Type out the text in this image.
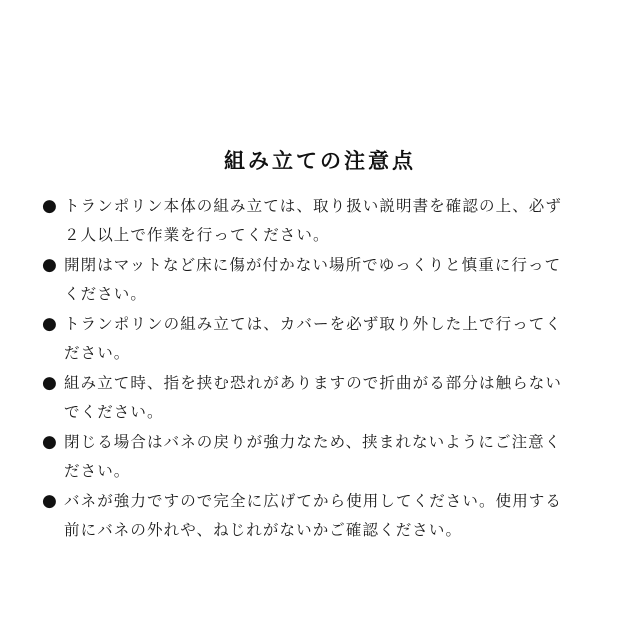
組み立ての注意点
● トランポリン本体の組み立ては、取り扱い説明書を確認の上、必ず
２人以上で作業を行ってください。
● 開閉はマットなど床に傷が付かない場所でゆっくりと慎重に行って
ください。
● トランポリンの組み立ては、カバーを必ず取り外した上で行ってく
ださい。
● 組み立て時、指を挟む恐れがありますので折曲がる部分は触らない
でください。
● 閉じる場合はバネの戻りが強力なため、挟まれないようにご注意く
ださい。
● バネが強力ですので完全に広げてから使用してください。使用する
前にバネの外れや、ねじれがないかご確認ください。
